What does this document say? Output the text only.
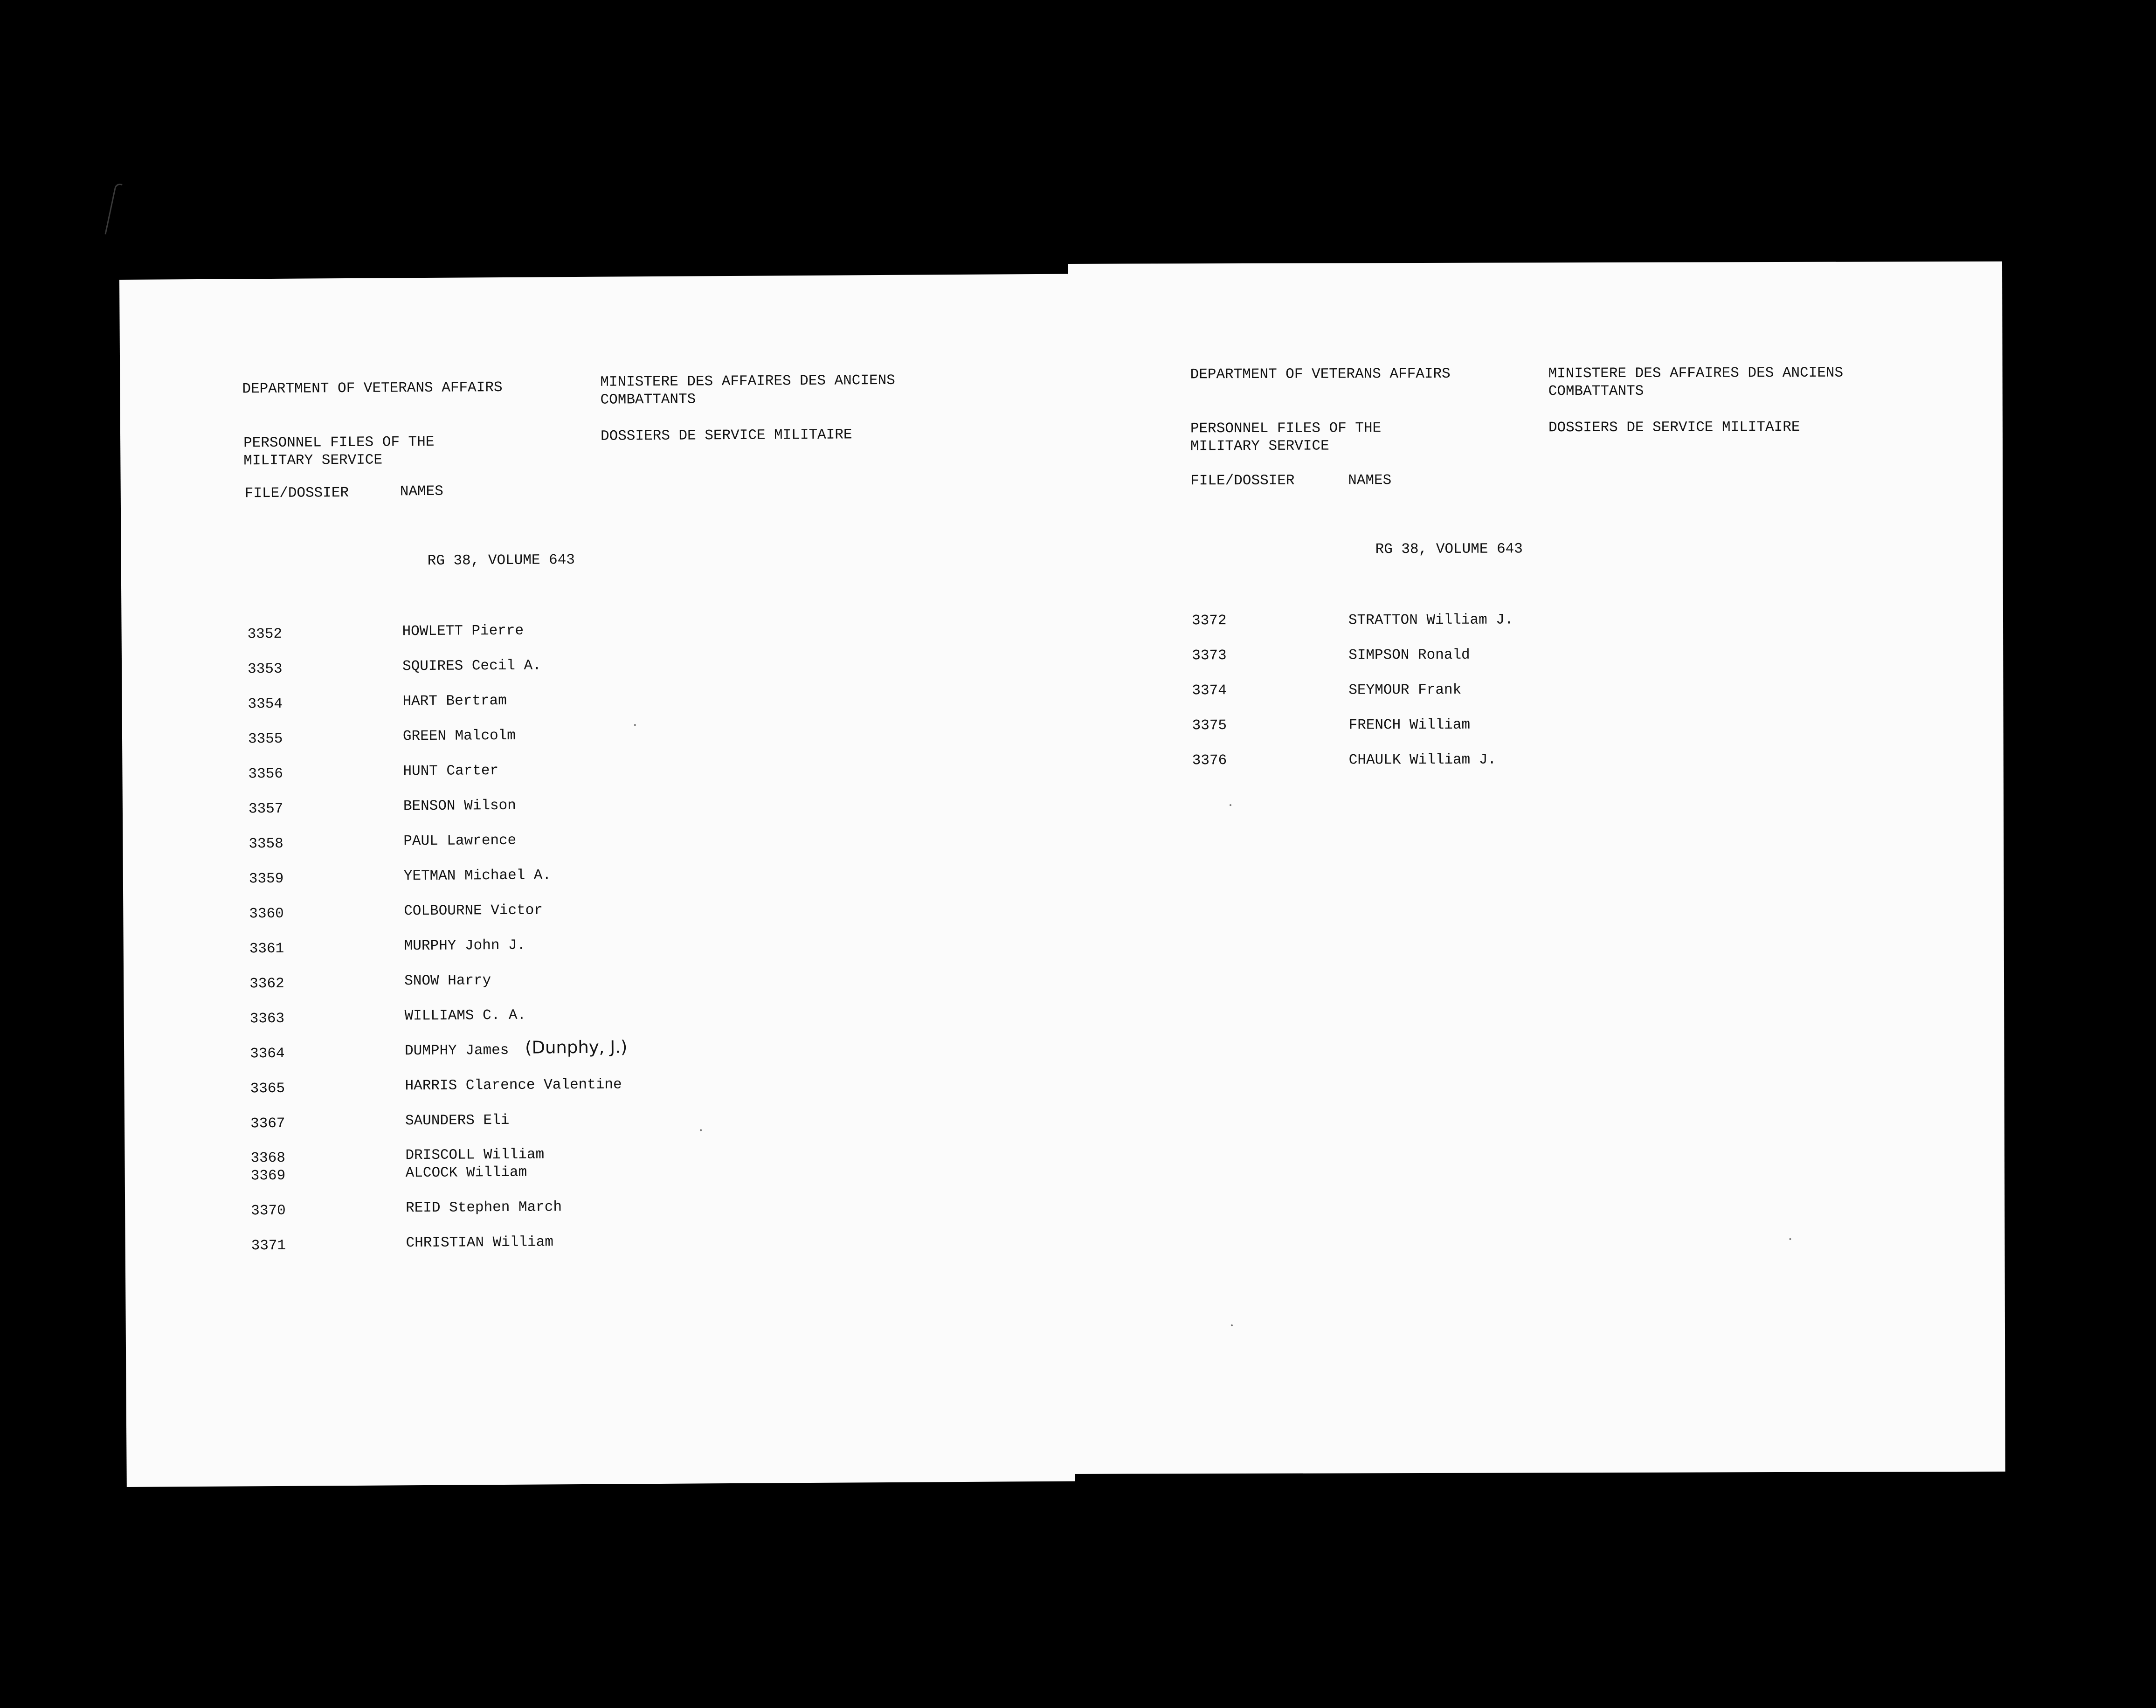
DEPARTMENT OF VETERANS AFFAIRS	MINISTERE DES AFFAIRES DES ANCIENS
COMBATTANTS
PERSONNEL FILES OF THE
MILITARY SERVICE
DOSSIERS DE SERVICE MILITAIRE
FILE/DOSSIER	NAMES
RG 38, VOLUME 643
3352	HOWLETT Pierre
3353	SQUIRES Cecil A.
3354	HART Bertram
3355	GREEN Malcolm
3356	HUNT Carter
3357	BENSON Wilson
3358	PAUL Lawrence
3359	YETMAN Michael A.
3360	COLBOURNE Victor
3361	MURPHY John J.
3362	SNOW Harry
3363	WILLIAMS C. A.
3364	DUMPHY James (Dunphy, J.)
3365	HARRIS Clarence Valentine
3367	SAUNDERS Eli
3368	DRISCOLL William
3369	ALCOCK William
3370	REID Stephen March
3371	CHRISTIAN William
DEPARTMENT OF VETERANS AFFAIRS	MINISTERE DES AFFAIRES DES ANCIENS
COMBATTANTS
PERSONNEL FILES OF THE
MILITARY SERVICE
DOSSIERS DE SERVICE MILITAIRE
FILE/DOSSIER	NAMES
RG 38, VOLUME 643
3372	STRATTON William J.
3373	SIMPSON Ronald
3374	SEYMOUR Frank
3375	FRENCH William
3376	CHAULK William J.
